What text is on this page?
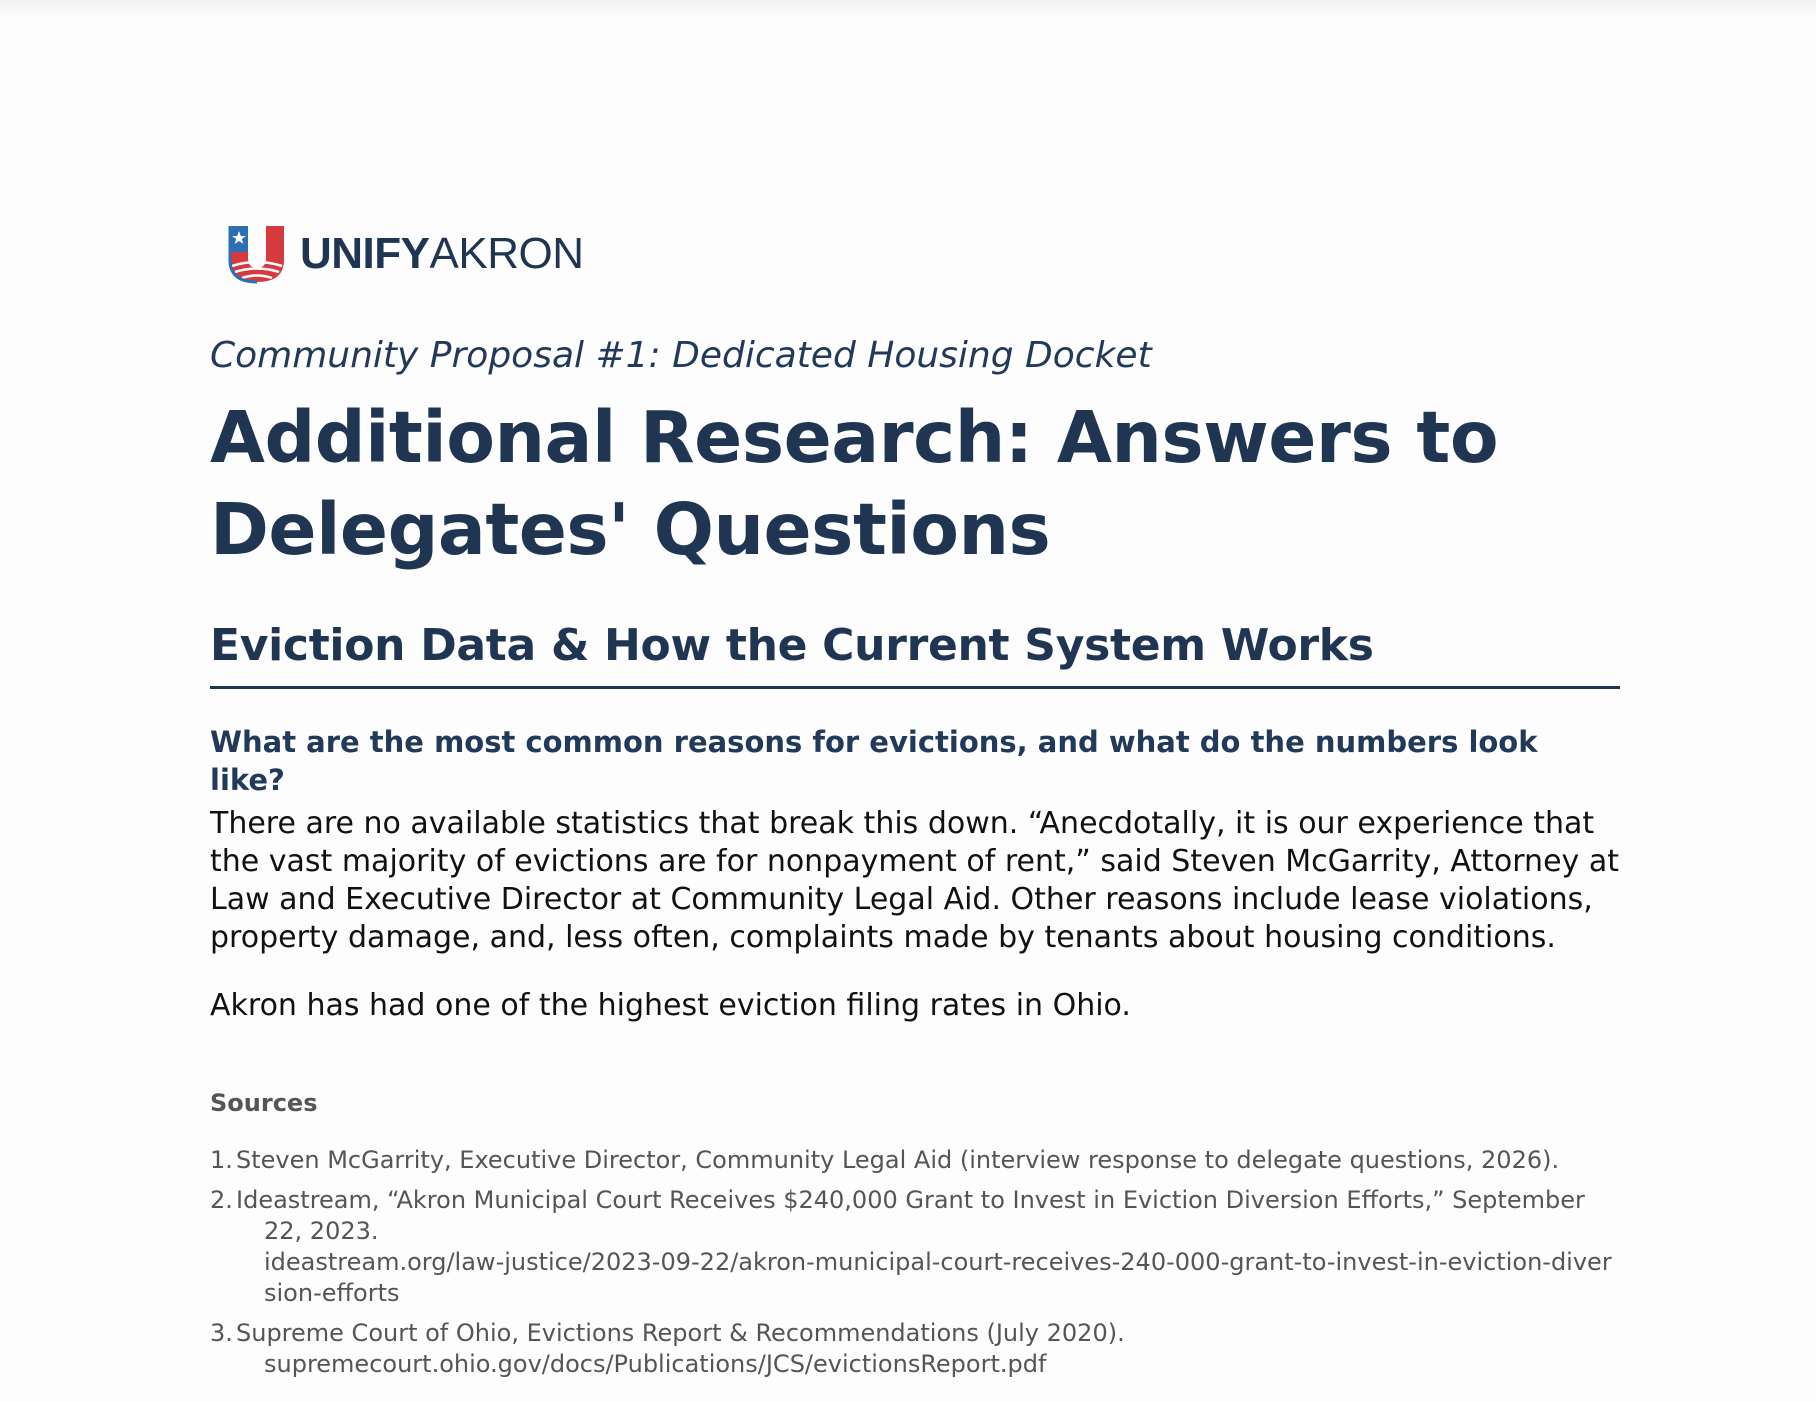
UNIFYAKRON

Community Proposal #1: Dedicated Housing Docket

Additional Research: Answers to Delegates' Questions
Eviction Data & How the Current System Works
What are the most common reasons for evictions, and what do the numbers look like?

There are no available statistics that break this down. “Anecdotally, it is our experience that the vast majority of evictions are for nonpayment of rent,” said Steven McGarrity, Attorney at Law and Executive Director at Community Legal Aid. Other reasons include lease violations, property damage, and, less often, complaints made by tenants about housing conditions.

Akron has had one of the highest eviction filing rates in Ohio.

Sources
1. Steven McGarrity, Executive Director, Community Legal Aid (interview response to delegate questions, 2026).
2. Ideastream, “Akron Municipal Court Receives $240,000 Grant to Invest in Eviction Diversion Efforts,” September 22, 2023.
ideastream.org/law-justice/2023-09-22/akron-municipal-court-receives-240-000-grant-to-invest-in-eviction-diversion-efforts
3. Supreme Court of Ohio, Evictions Report & Recommendations (July 2020).
supremecourt.ohio.gov/docs/Publications/JCS/evictionsReport.pdf
